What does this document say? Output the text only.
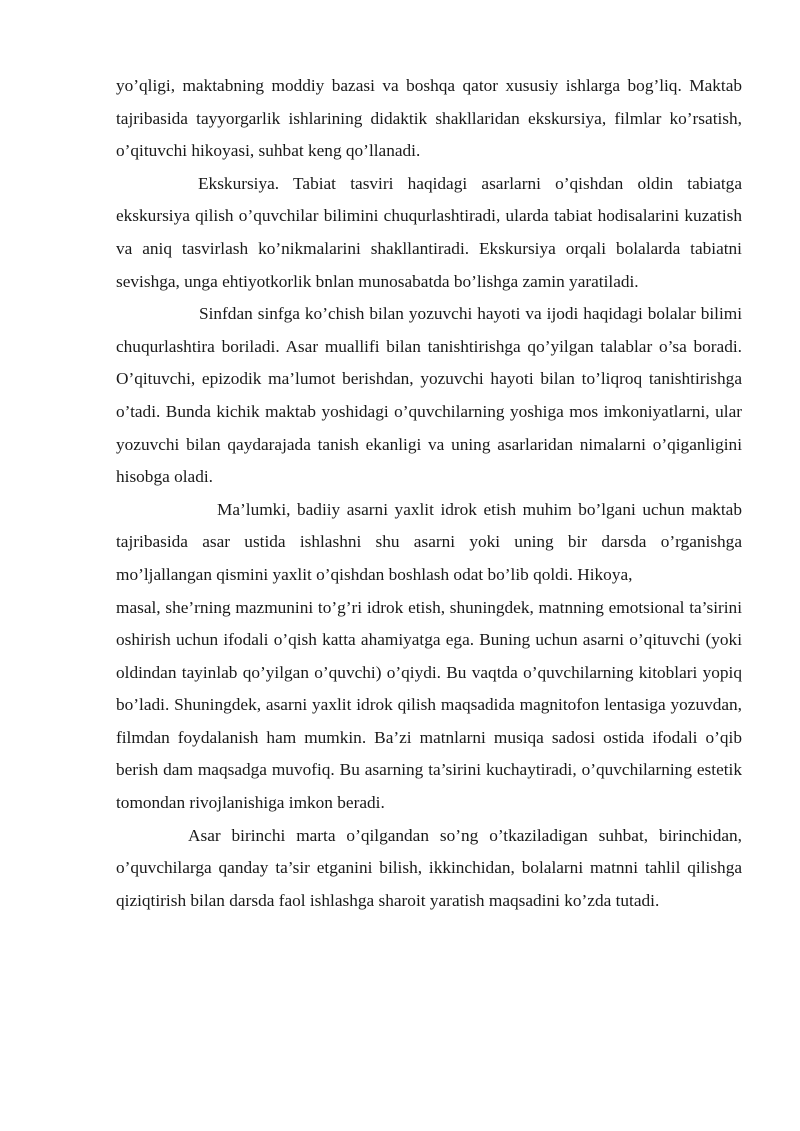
yo’qligi, maktabning moddiy bazasi va boshqa qator xususiy ishlarga bog’liq. Maktab tajribasida tayyorgarlik ishlarining didaktik shakllaridan ekskursiya, filmlar ko’rsatish, o’qituvchi hikoyasi, suhbat keng qo’llanadi.

Ekskursiya. Tabiat tasviri haqidagi asarlarni o’qishdan oldin tabiatga ekskursiya qilish o’quvchilar bilimini chuqurlashtiradi, ularda tabiat hodisalarini kuzatish va aniq tasvirlash ko’nikmalarini shakllantiradi. Ekskursiya orqali bolalarda tabiatni sevishga, unga ehtiyotkorlik bnlan munosabatda bo’lishga zamin yaratiladi.

Sinfdan sinfga ko’chish bilan yozuvchi hayoti va ijodi haqidagi bolalar bilimi chuqurlashtira boriladi. Asar muallifi bilan tanishtirishga qo’yilgan talablar o’sa boradi. O’qituvchi, epizodik ma’lumot berishdan, yozuvchi hayoti bilan to’liqroq tanishtirishga o’tadi. Bunda kichik maktab yoshidagi o’quvchilarning yoshiga mos imkoniyatlarni, ular yozuvchi bilan qaydarajada tanish ekanligi va uning asarlaridan nimalarni o’qiganligini hisobga oladi.

Ma’lumki, badiiy asarni yaxlit idrok etish muhim bo’lgani uchun maktab tajribasida asar ustida ishlashni shu asarni yoki uning bir darsda o’rganishga mo’ljallangan qismini yaxlit o’qishdan boshlash odat bo’lib qoldi. Hikoya,

masal, she’rning mazmunini to’g’ri idrok etish, shuningdek, matnning emotsional ta’sirini oshirish uchun ifodali o’qish katta ahamiyatga ega. Buning uchun asarni o’qituvchi (yoki oldindan tayinlab qo’yilgan o’quvchi) o’qiydi. Bu vaqtda o’quvchilarning kitoblari yopiq bo’ladi. Shuningdek, asarni yaxlit idrok qilish maqsadida magnitofon lentasiga yozuvdan, filmdan foydalanish ham mumkin. Ba’zi matnlarni musiqa sadosi ostida ifodali o’qib berish dam maqsadga muvofiq. Bu asarning ta’sirini kuchaytiradi, o’quvchilarning estetik tomondan rivojlanishiga imkon beradi.

Asar birinchi marta o’qilgandan so’ng o’tkaziladigan suhbat, birinchidan, o’quvchilarga qanday ta’sir etganini bilish, ikkinchidan, bolalarni matnni tahlil qilishga qiziqtirish bilan darsda faol ishlashga sharoit yaratish maqsadini ko’zda tutadi.
